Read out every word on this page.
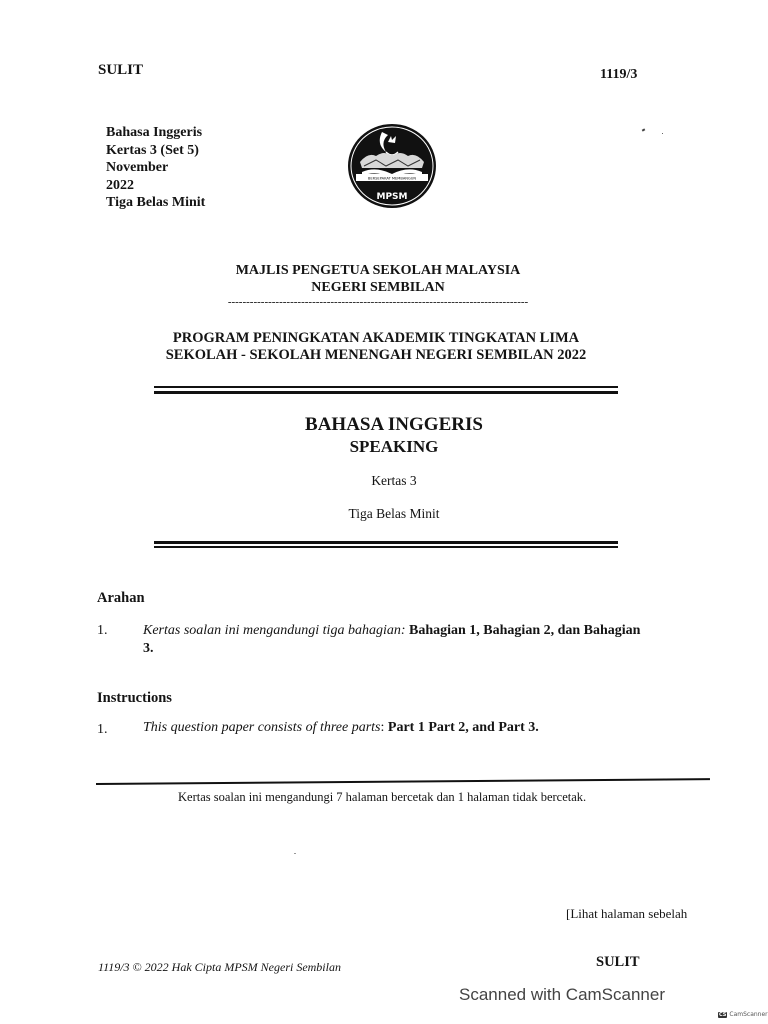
SULIT	1119/3
Bahasa Inggeris
Kertas 3 (Set 5)
November
2022
Tiga Belas Minit
BERSEPAKAT MEMBANGUN
MPSM
MAJLIS PENGETUA SEKOLAH MALAYSIA
NEGERI SEMBILAN
----------------------------------------------------------------------------------
PROGRAM PENINGKATAN AKADEMIK TINGKATAN LIMA
SEKOLAH - SEKOLAH MENENGAH NEGERI SEMBILAN 2022
BAHASA INGGERIS
SPEAKING
Kertas 3
Tiga Belas Minit
Arahan
1.	Kertas soalan ini mengandungi tiga bahagian: Bahagian 1, Bahagian 2, dan Bahagian 3.
Instructions
1.	This question paper consists of three parts: Part 1 Part 2, and Part 3.
Kertas soalan ini mengandungi 7 halaman bercetak dan 1 halaman tidak bercetak.
[Lihat halaman sebelah
1119/3 © 2022 Hak Cipta MPSM Negeri Sembilan	SULIT
Scanned with CamScanner
CS CamScanner
